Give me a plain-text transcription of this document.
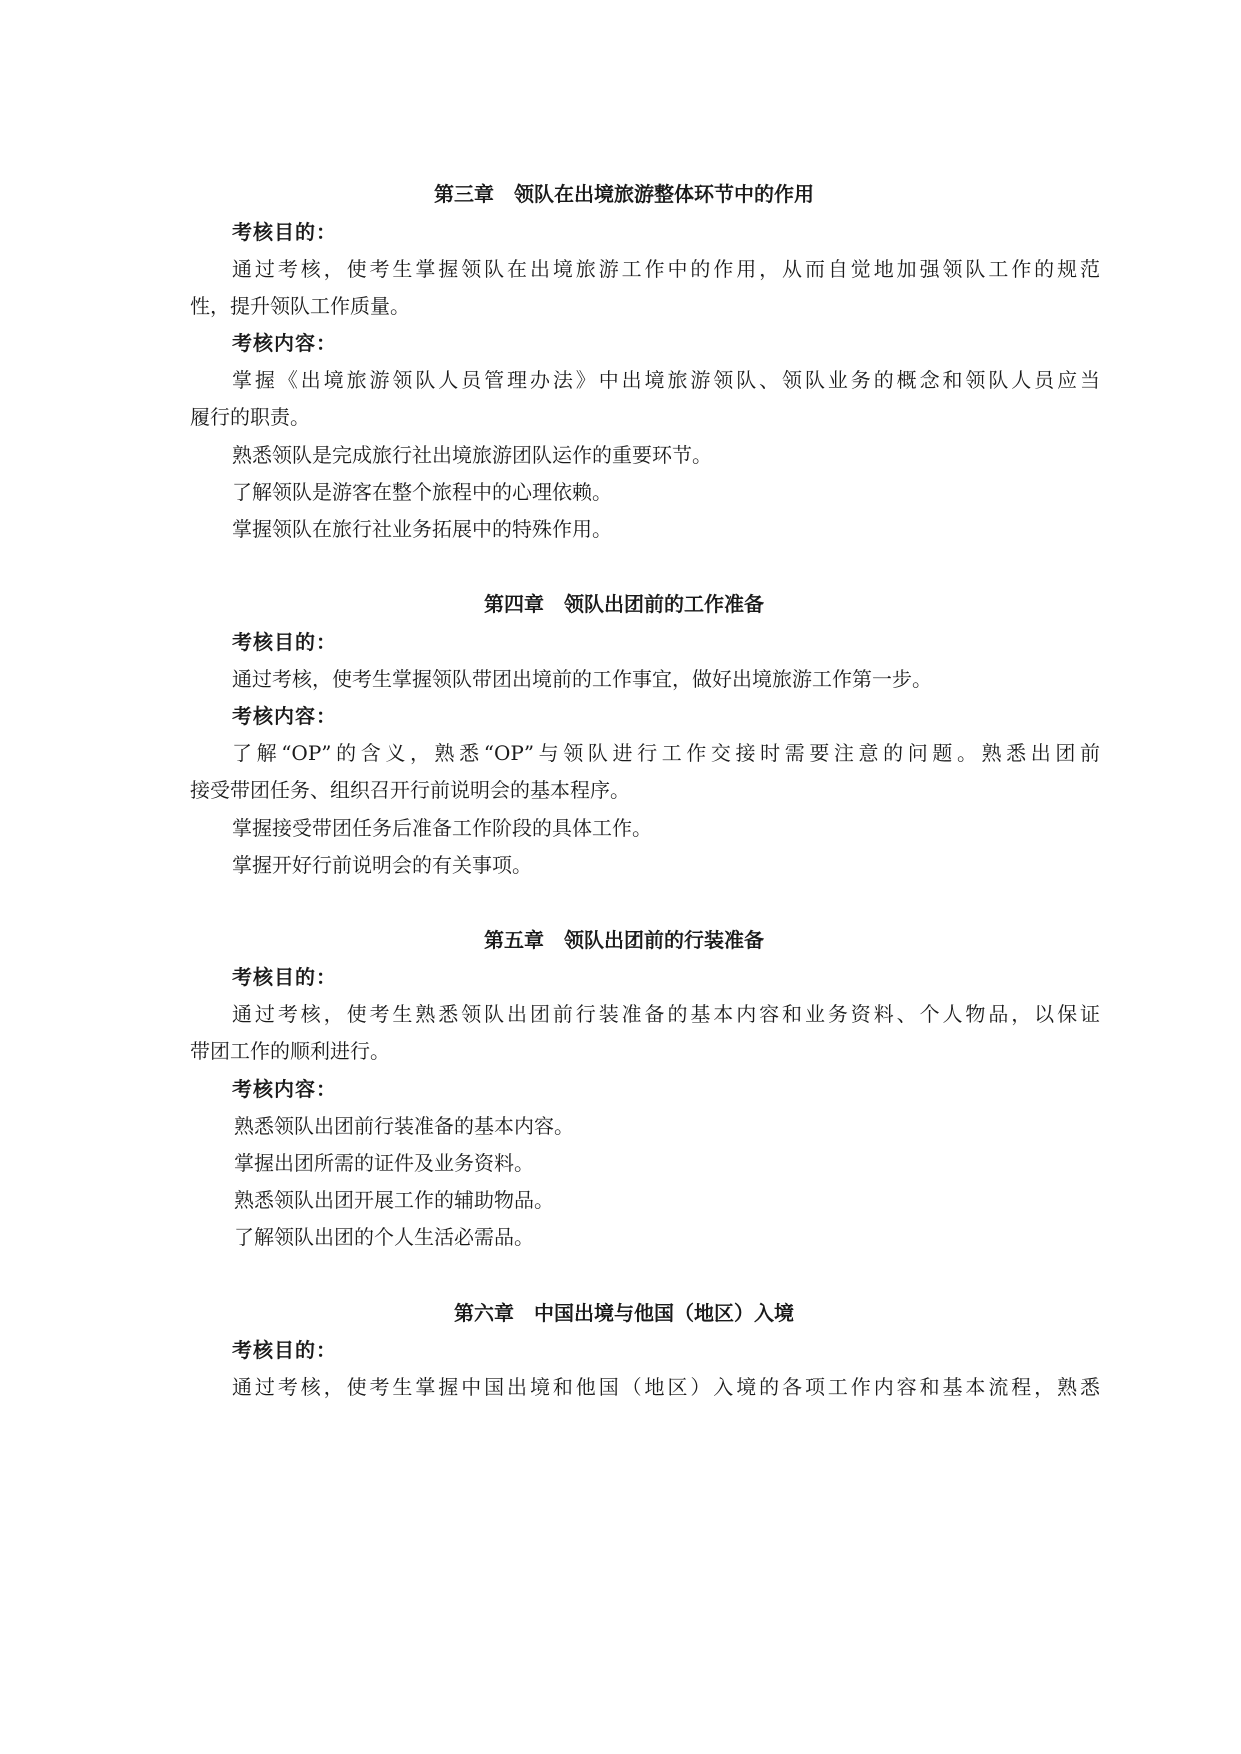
第三章　领队在出境旅游整体环节中的作用
考核目的：
通过考核，使考生掌握领队在出境旅游工作中的作用，从而自觉地加强领队工作的规范
性，提升领队工作质量。
考核内容：
掌握《出境旅游领队人员管理办法》中出境旅游领队、领队业务的概念和领队人员应当
履行的职责。
熟悉领队是完成旅行社出境旅游团队运作的重要环节。
了解领队是游客在整个旅程中的心理依赖。
掌握领队在旅行社业务拓展中的特殊作用。
第四章　领队出团前的工作准备
考核目的：
通过考核，使考生掌握领队带团出境前的工作事宜，做好出境旅游工作第一步。
考核内容：
了解“OP”的含义，熟悉“OP”与领队进行工作交接时需要注意的问题。熟悉出团前
接受带团任务、组织召开行前说明会的基本程序。
掌握接受带团任务后准备工作阶段的具体工作。
掌握开好行前说明会的有关事项。
第五章　领队出团前的行装准备
考核目的：
通过考核，使考生熟悉领队出团前行装准备的基本内容和业务资料、个人物品，以保证
带团工作的顺利进行。
考核内容：
熟悉领队出团前行装准备的基本内容。
掌握出团所需的证件及业务资料。
熟悉领队出团开展工作的辅助物品。
了解领队出团的个人生活必需品。
第六章　中国出境与他国（地区）入境
考核目的：
通过考核，使考生掌握中国出境和他国（地区）入境的各项工作内容和基本流程，熟悉
